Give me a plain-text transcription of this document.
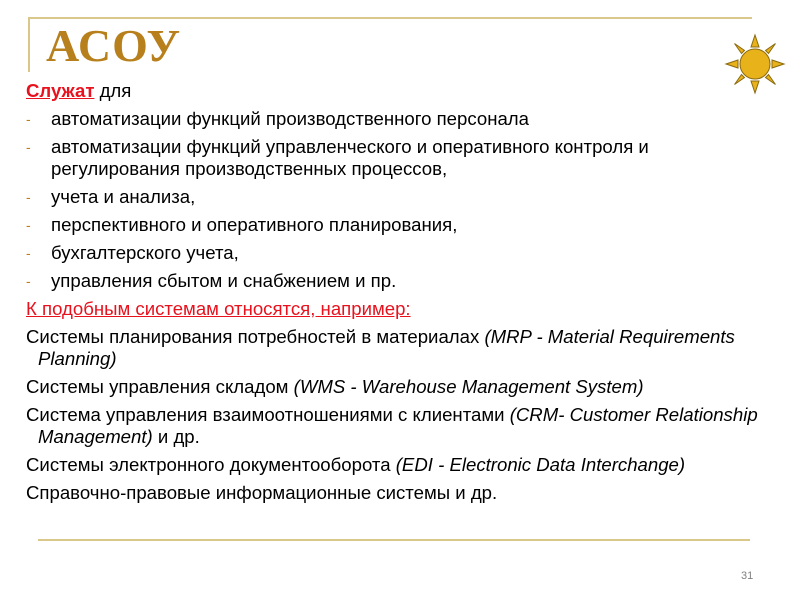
АСОУ
Служат для
- автоматизации функций производственного персонала
- автоматизации функций управленческого и оперативного контроля и регулирования производственных процессов,
- учета и анализа,
- перспективного и оперативного планирования,
- бухгалтерского учета,
- управления сбытом и снабжением и пр.
К подобным системам относятся, например:
Системы планирования потребностей в материалах (MRP - Material Requirements Planning)
Системы управления складом (WMS - Warehouse Management System)
Система управления взаимоотношениями с клиентами (CRM- Customer Relationship Management) и др.
Системы электронного документооборота (EDI - Electronic Data Interchange)
Справочно-правовые информационные системы и др.
31
